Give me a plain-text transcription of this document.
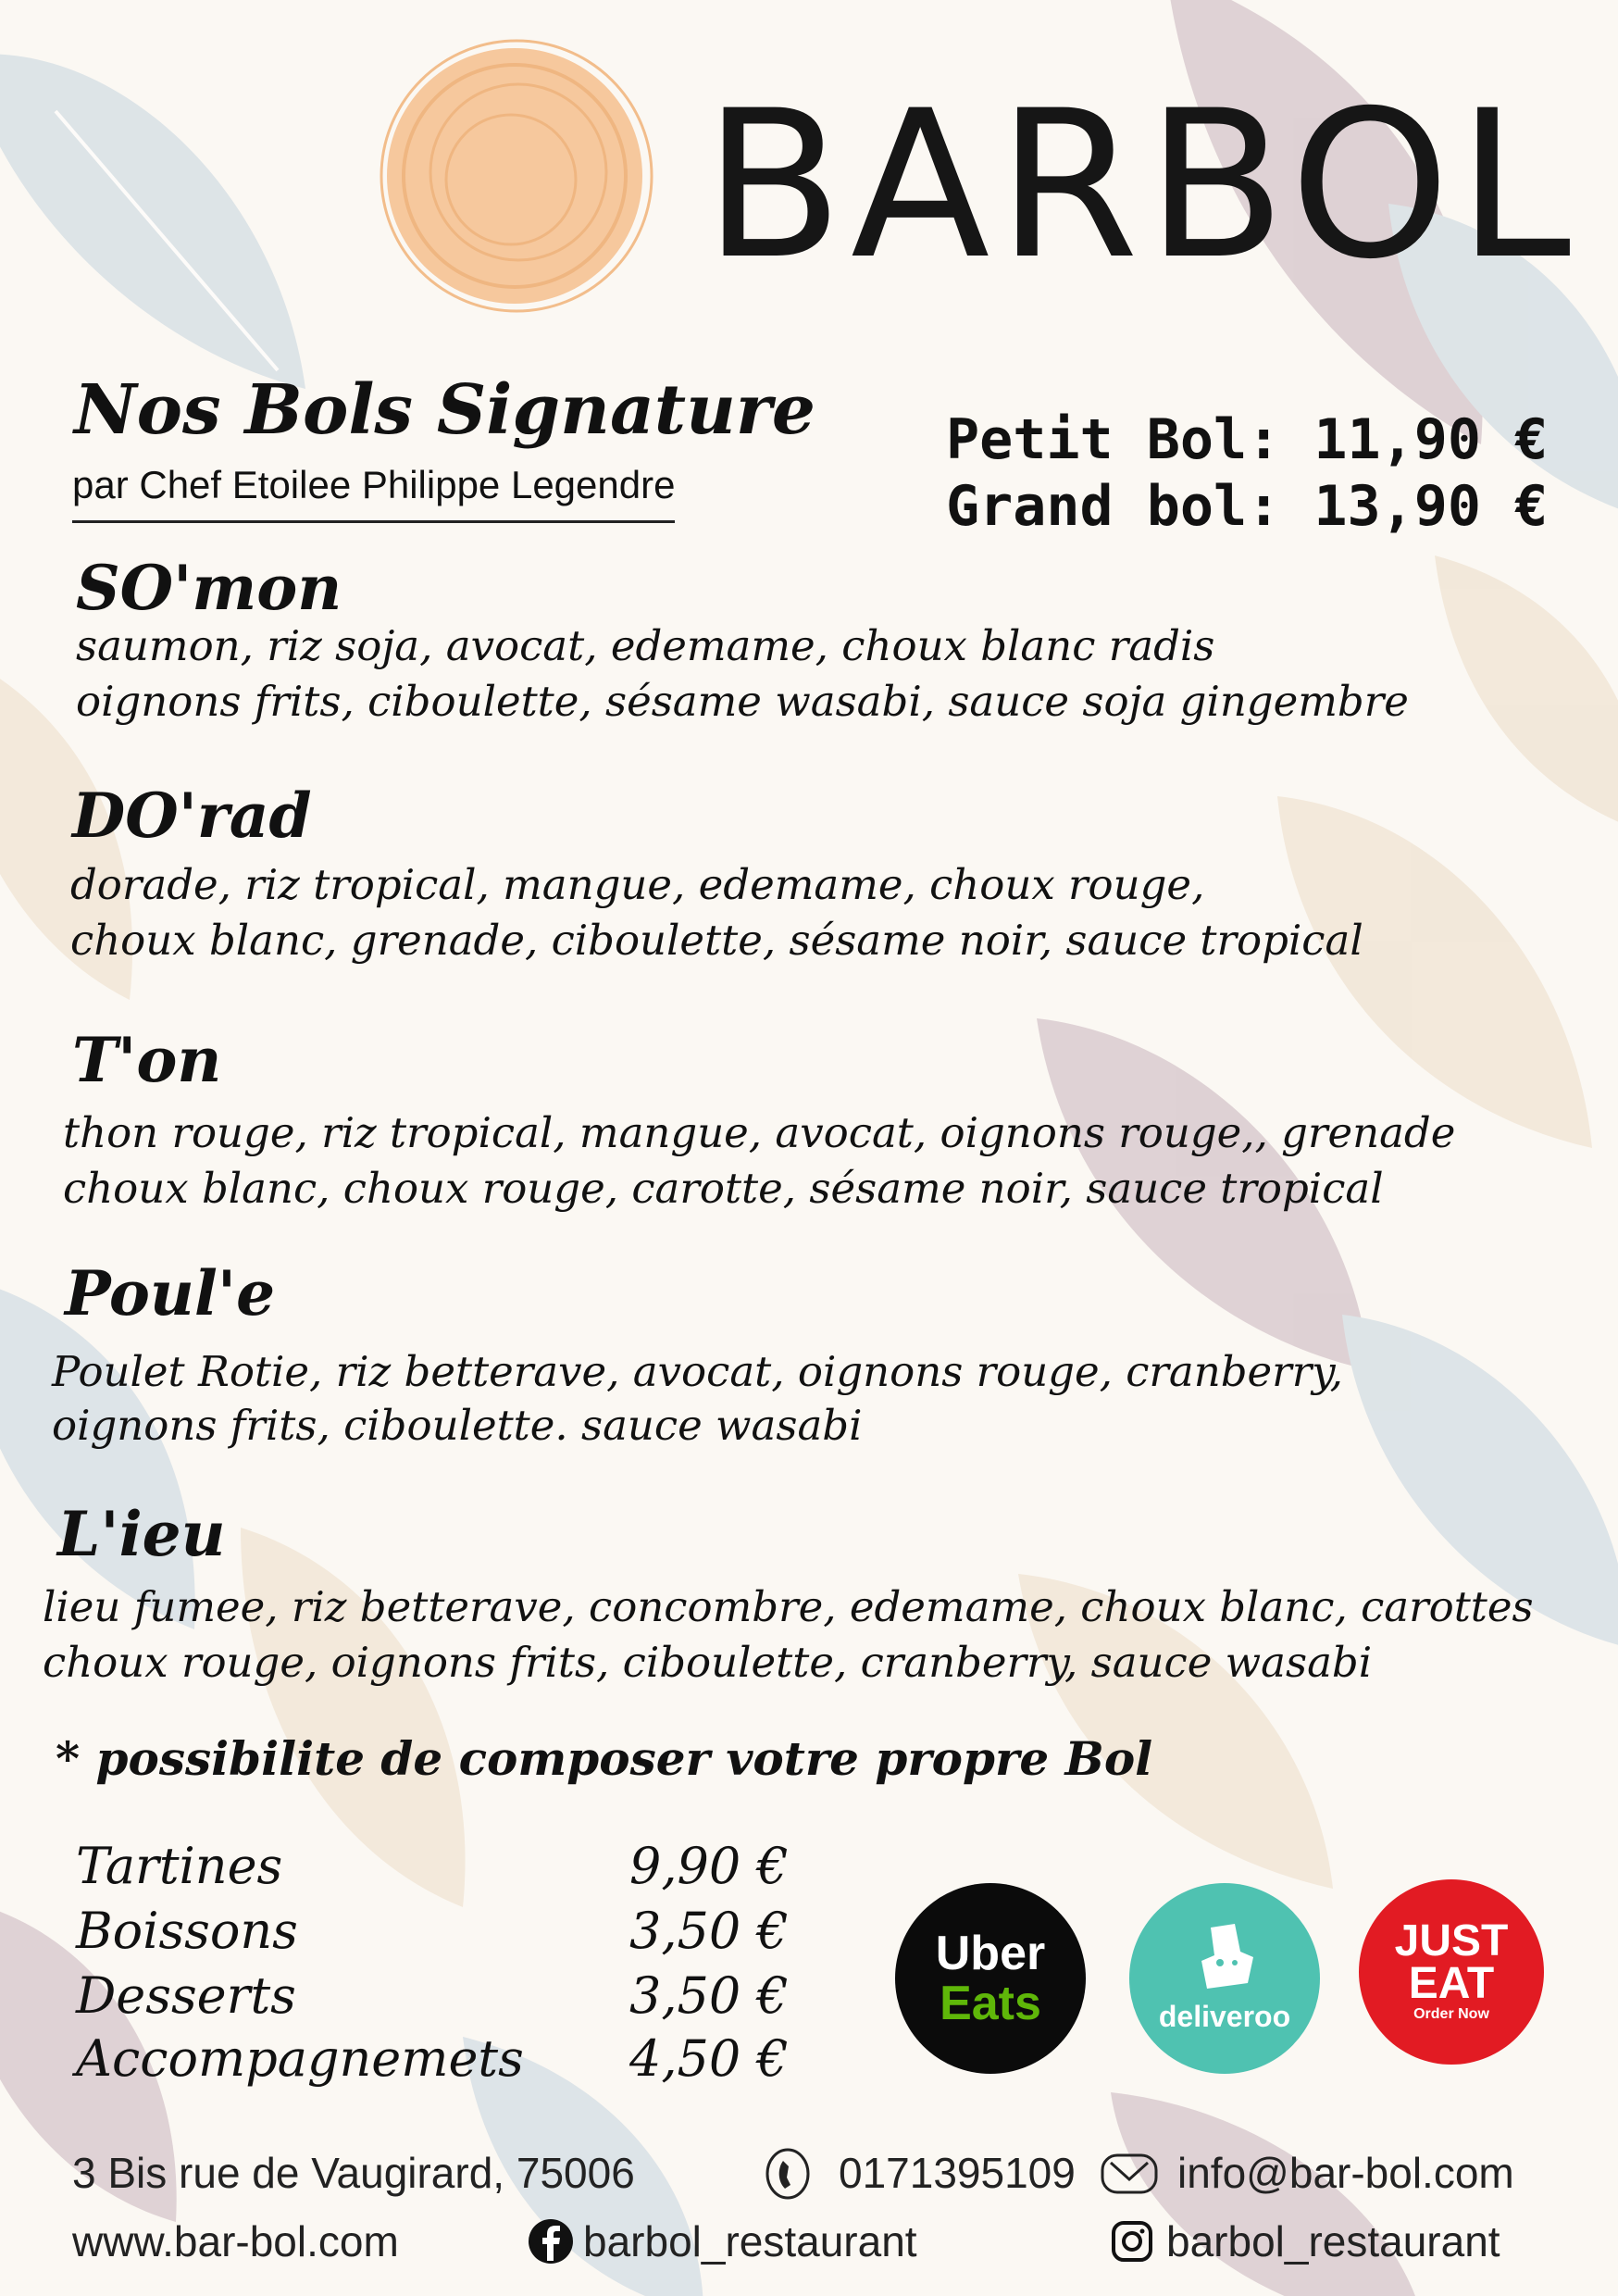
BARBOL
Nos Bols Signature
par Chef Etoilee Philippe Legendre
Petit Bol: 11,90 €
Grand bol: 13,90 €
SO'mon
saumon, riz soja, avocat, edemame, choux blanc radis
oignons frits, ciboulette, sésame wasabi, sauce soja gingembre
DO'rad
dorade, riz tropical, mangue, edemame, choux rouge,
choux blanc, grenade, ciboulette, sésame noir, sauce tropical
T'on
thon rouge, riz tropical, mangue, avocat, oignons rouge,, grenade
choux blanc, choux rouge, carotte, sésame noir, sauce tropical
Poul'e
Poulet Rotie, riz betterave, avocat, oignons rouge, cranberry,
oignons frits, ciboulette. sauce wasabi
L'ieu
lieu fumee, riz betterave, concombre, edemame, choux blanc, carottes
choux rouge, oignons frits, ciboulette, cranberry, sauce wasabi
* possibilite de composer votre propre Bol
Tartines	9,90 €
Boissons	3,50 €
Desserts	3,50 €
Accompagnemets 4,50 €
Uber
Eats	deliveroo
JUST
EAT
Order Now
3 Bis rue de Vaugirard, 75006	0171395109 info@bar-bol.com
www.bar-bol.com	barbol_restaurant	barbol_restaurant
